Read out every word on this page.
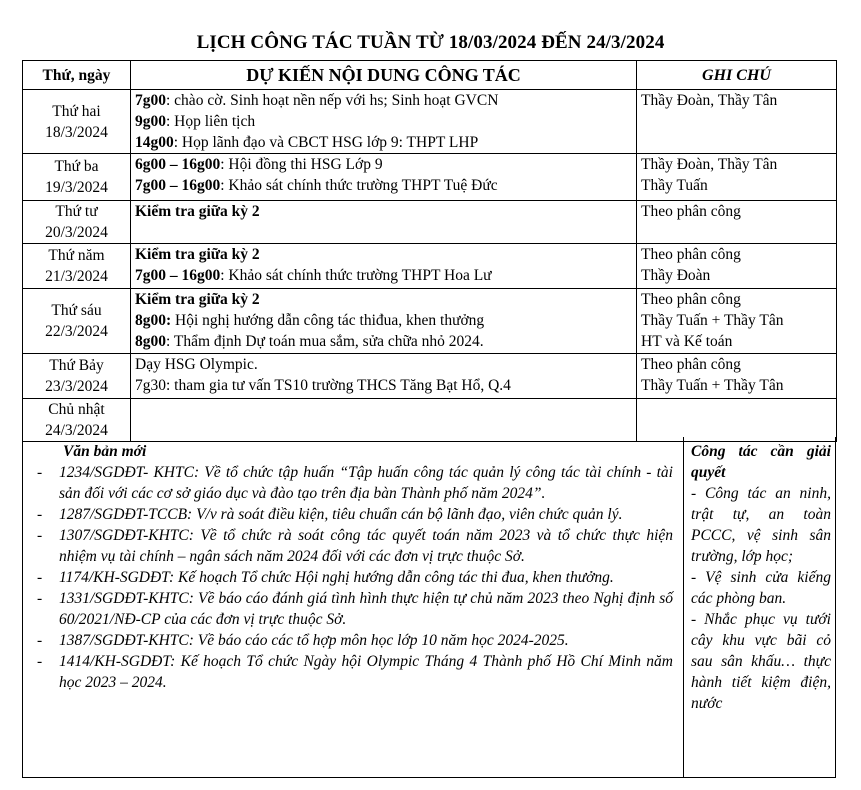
LỊCH CÔNG TÁC TUẦN TỪ 18/03/2024 ĐẾN 24/3/2024
Thứ, ngày	DỰ KIẾN NỘI DUNG CÔNG TÁC	GHI CHÚ

Thứ hai
18/3/2024	7g00: chào cờ. Sinh hoạt nền nếp với hs; Sinh hoạt GVCN
9g00: Họp liên tịch
14g00: Họp lãnh đạo và CBCT HSG lớp 9: THPT LHP	Thầy Đoàn, Thầy Tân

Thứ ba
19/3/2024	6g00 – 16g00: Hội đồng thi HSG Lớp 9
7g00 – 16g00: Khảo sát chính thức trường THPT Tuệ Đức	Thầy Đoàn, Thầy Tân
Thầy Tuấn

Thứ tư
20/3/2024	Kiểm tra giữa kỳ 2	Theo phân công

Thứ năm
21/3/2024	Kiểm tra giữa kỳ 2
7g00 – 16g00: Khảo sát chính thức trường THPT Hoa Lư	Theo phân công
Thầy Đoàn

Thứ sáu
22/3/2024	Kiểm tra giữa kỳ 2
8g00: Hội nghị hướng dẫn công tác thiđua, khen thưởng
8g00: Thẩm định Dự toán mua sắm, sửa chữa nhỏ 2024.	Theo phân công
Thầy Tuấn + Thầy Tân
HT và Kế toán

Thứ Bảy
23/3/2024	Dạy HSG Olympic.
7g30: tham gia tư vấn TS10 trường THCS Tăng Bạt Hổ, Q.4	Theo phân công
Thầy Tuấn + Thầy Tân

Chủ nhật
24/3/2024		

Văn bản mới
- 1234/SGDĐT- KHTC: Về tổ chức tập huấn “Tập huấn công tác quản lý công tác tài chính - tài sản đối với các cơ sở giáo dục và đào tạo trên địa bàn Thành phố năm 2024”.
- 1287/SGDĐT-TCCB: V/v rà soát điều kiện, tiêu chuẩn cán bộ lãnh đạo, viên chức quản lý.
- 1307/SGDĐT-KHTC: Về tổ chức rà soát công tác quyết toán năm 2023 và tổ chức thực hiện nhiệm vụ tài chính – ngân sách năm 2024 đối với các đơn vị trực thuộc Sở.
- 1174/KH-SGDĐT: Kế hoạch Tổ chức Hội nghị hướng dẫn công tác thi đua, khen thưởng.
- 1331/SGDĐT-KHTC: Về báo cáo đánh giá tình hình thực hiện tự chủ năm 2023 theo Nghị định số 60/2021/NĐ-CP của các đơn vị trực thuộc Sở.
- 1387/SGDĐT-KHTC: Về báo cáo các tổ hợp môn học lớp 10 năm học 2024-2025.
- 1414/KH-SGDĐT: Kế hoạch Tổ chức Ngày hội Olympic Tháng 4 Thành phố Hồ Chí Minh năm học 2023 – 2024.
Công tác cần giải quyết
- Công tác an ninh, trật tự, an toàn PCCC, vệ sinh sân trường, lớp học;
- Vệ sinh cửa kiếng các phòng ban.
- Nhắc phục vụ tưới cây khu vực bãi cỏ sau sân khấu… thực hành tiết kiệm điện, nước
